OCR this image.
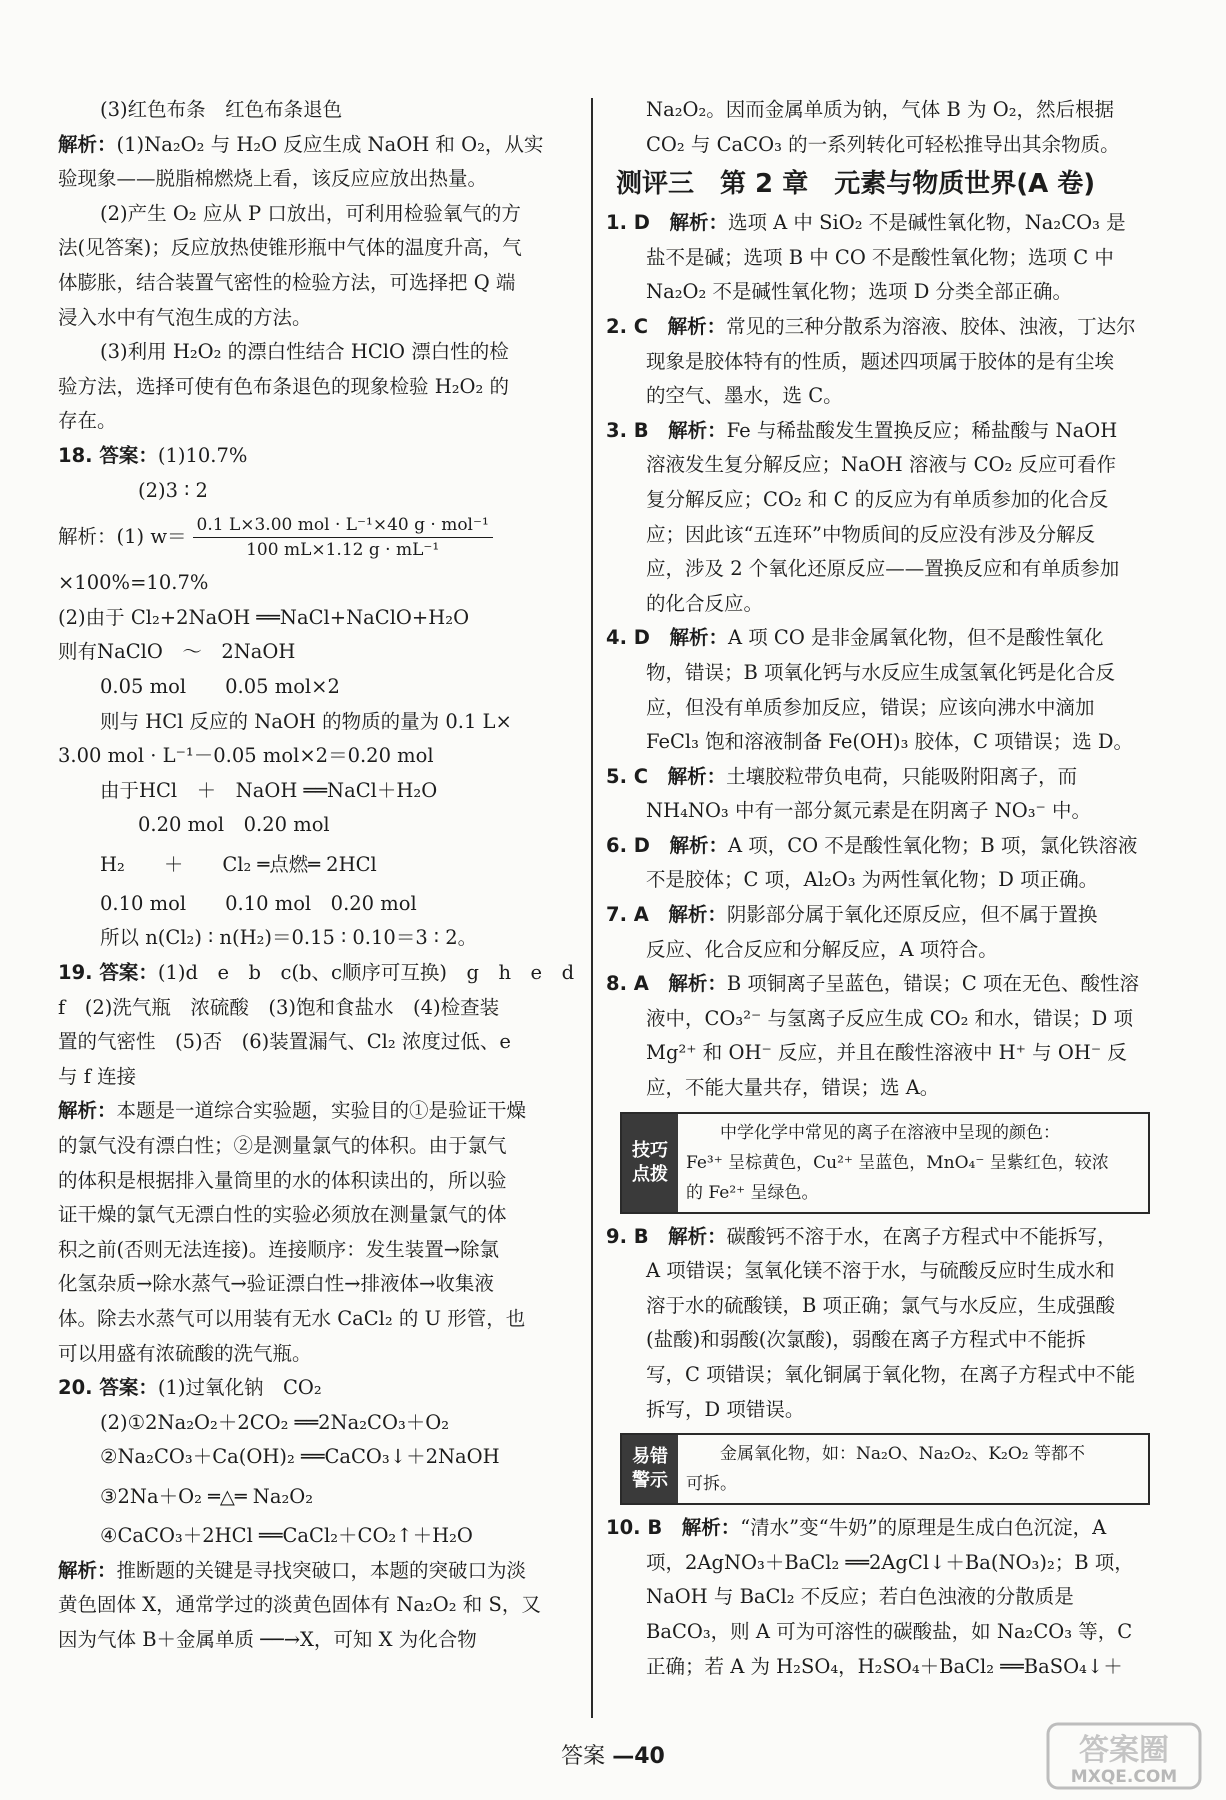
(3)红色布条　红色布条退色
解析：(1)Na₂O₂ 与 H₂O 反应生成 NaOH 和 O₂，从实
验现象——脱脂棉燃烧上看，该反应应放出热量。
(2)产生 O₂ 应从 P 口放出，可利用检验氧气的方
法(见答案)；反应放热使锥形瓶中气体的温度升高，气
体膨胀，结合装置气密性的检验方法，可选择把 Q 端
浸入水中有气泡生成的方法。
(3)利用 H₂O₂ 的漂白性结合 HClO 漂白性的检
验方法，选择可使有色布条退色的现象检验 H₂O₂ 的
存在。
18. 答案：(1)10.7%
(2)3 ∶ 2
解析：(1) $w= \frac{\text{0.1 L×3.00 mol · L⁻¹×40 g · mol⁻¹}}{\text{100 mL×1.12 g · mL⁻¹}}$
×100%=10.7%
(2)由于 Cl₂+2NaOH ══NaCl+NaClO+H₂O
则有NaClO　～　2NaOH
0.05 mol　　0.05 mol×2
则与 HCl 反应的 NaOH 的物质的量为 0.1 L×
3.00 mol · L⁻¹－0.05 mol×2＝0.20 mol
由于HCl　＋　NaOH ══NaCl＋H₂O
0.20 mol　0.20 mol
H₂　　＋　　Cl₂ ═点燃═ 2HCl
0.10 mol　　0.10 mol　0.20 mol
所以 n(Cl₂) ∶ n(H₂)＝0.15 ∶ 0.10＝3 ∶ 2。
19. 答案：(1)d　e　b　c(b、c顺序可互换)　g　h　e　d
f　(2)洗气瓶　浓硫酸　(3)饱和食盐水　(4)检查装
置的气密性　(5)否　(6)装置漏气、Cl₂ 浓度过低、e
与 f 连接
解析：本题是一道综合实验题，实验目的①是验证干燥
的氯气没有漂白性；②是测量氯气的体积。由于氯气
的体积是根据排入量筒里的水的体积读出的，所以验
证干燥的氯气无漂白性的实验必须放在测量氯气的体
积之前(否则无法连接)。连接顺序：发生装置→除氯
化氢杂质→除水蒸气→验证漂白性→排液体→收集液
体。除去水蒸气可以用装有无水 CaCl₂ 的 U 形管，也
可以用盛有浓硫酸的洗气瓶。
20. 答案：(1)过氧化钠　CO₂
(2)①2Na₂O₂＋2CO₂ ══2Na₂CO₃＋O₂
②Na₂CO₃＋Ca(OH)₂ ══CaCO₃↓＋2NaOH
③2Na＋O₂ ═△═ Na₂O₂
④CaCO₃＋2HCl ══CaCl₂＋CO₂↑＋H₂O
解析：推断题的关键是寻找突破口，本题的突破口为淡
黄色固体 X，通常学过的淡黄色固体有 Na₂O₂ 和 S，又
因为气体 B＋金属单质 ──→X，可知 X 为化合物
Na₂O₂。因而金属单质为钠，气体 B 为 O₂，然后根据
CO₂ 与 CaCO₃ 的一系列转化可轻松推导出其余物质。
测评三　第 2 章　元素与物质世界(A 卷)
1. D　解析：选项 A 中 SiO₂ 不是碱性氧化物，Na₂CO₃ 是
盐不是碱；选项 B 中 CO 不是酸性氧化物；选项 C 中
Na₂O₂ 不是碱性氧化物；选项 D 分类全部正确。
2. C　解析：常见的三种分散系为溶液、胶体、浊液，丁达尔
现象是胶体特有的性质，题述四项属于胶体的是有尘埃
的空气、墨水，选 C。
3. B　解析：Fe 与稀盐酸发生置换反应；稀盐酸与 NaOH
溶液发生复分解反应；NaOH 溶液与 CO₂ 反应可看作
复分解反应；CO₂ 和 C 的反应为有单质参加的化合反
应；因此该“五连环”中物质间的反应没有涉及分解反
应，涉及 2 个氧化还原反应——置换反应和有单质参加
的化合反应。
4. D　解析：A 项 CO 是非金属氧化物，但不是酸性氧化
物，错误；B 项氧化钙与水反应生成氢氧化钙是化合反
应，但没有单质参加反应，错误；应该向沸水中滴加
FeCl₃ 饱和溶液制备 Fe(OH)₃ 胶体，C 项错误；选 D。
5. C　解析：土壤胶粒带负电荷，只能吸附阳离子，而
NH₄NO₃ 中有一部分氮元素是在阴离子 NO₃⁻ 中。
6. D　解析：A 项，CO 不是酸性氧化物；B 项，氯化铁溶液
不是胶体；C 项，Al₂O₃ 为两性氧化物；D 项正确。
7. A　解析：阴影部分属于氧化还原反应，但不属于置换
反应、化合反应和分解反应，A 项符合。
8. A　解析：B 项铜离子呈蓝色，错误；C 项在无色、酸性溶
液中，CO₃²⁻ 与氢离子反应生成 CO₂ 和水，错误；D 项
Mg²⁺ 和 OH⁻ 反应，并且在酸性溶液中 H⁺ 与 OH⁻ 反
应，不能大量共存，错误；选 A。
技巧
点拨
　　中学化学中常见的离子在溶液中呈现的颜色：
Fe³⁺ 呈棕黄色，Cu²⁺ 呈蓝色，MnO₄⁻ 呈紫红色，较浓
的 Fe²⁺ 呈绿色。
9. B　解析：碳酸钙不溶于水，在离子方程式中不能拆写，
A 项错误；氢氧化镁不溶于水，与硫酸反应时生成水和
溶于水的硫酸镁，B 项正确；氯气与水反应，生成强酸
(盐酸)和弱酸(次氯酸)，弱酸在离子方程式中不能拆
写，C 项错误；氧化铜属于氧化物，在离子方程式中不能
拆写，D 项错误。
易错
警示
　　金属氧化物，如：Na₂O、Na₂O₂、K₂O₂ 等都不
可拆。
10. B　解析：“清水”变“牛奶”的原理是生成白色沉淀，A
项，2AgNO₃＋BaCl₂ ══2AgCl↓＋Ba(NO₃)₂；B 项，
NaOH 与 BaCl₂ 不反应；若白色浊液的分散质是
BaCO₃，则 A 可为可溶性的碳酸盐，如 Na₂CO₃ 等，C
正确；若 A 为 H₂SO₄，H₂SO₄＋BaCl₂ ══BaSO₄↓＋
答案 —40	答案圈
MXQE.COM
